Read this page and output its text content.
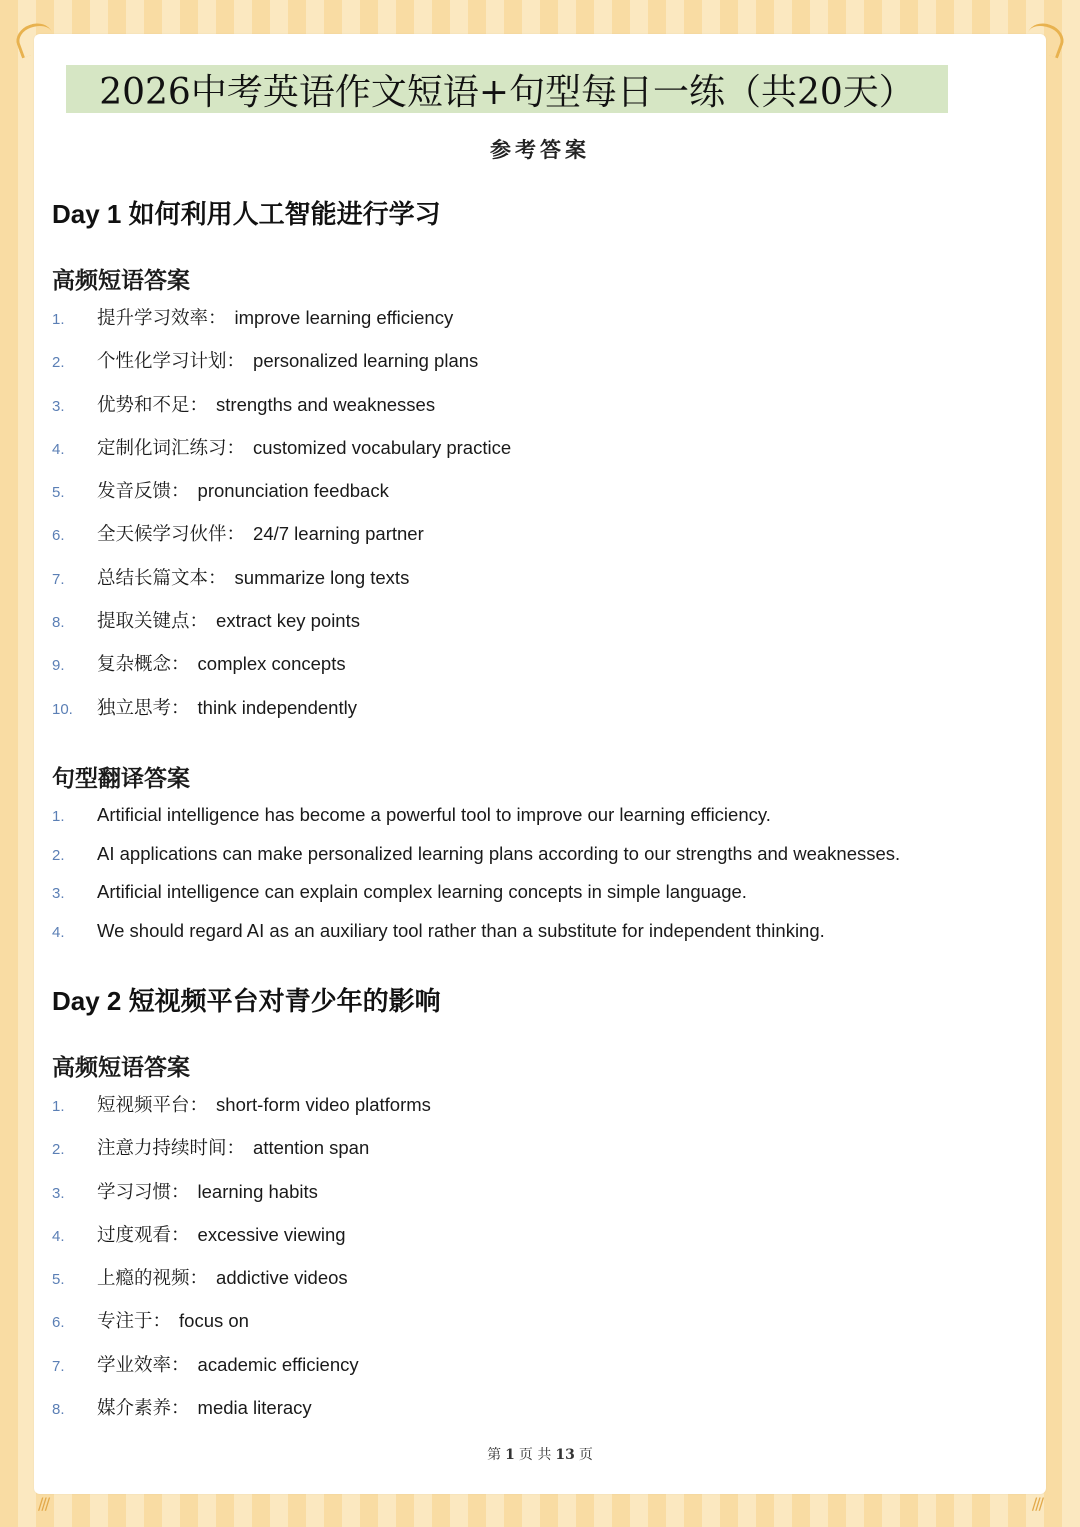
///	///
2026中考英语作文短语+句型每日一练（共20天）
参考答案
Day 1 如何利用人工智能进行学习
高频短语答案
1.	提升学习效率 ： improve learning efficiency
2.	个性化学习计划 ： personalized learning plans
3.	优势和不足 ： strengths and weaknesses
4.	定制化词汇练习 ： customized vocabulary practice
5.	发音反馈 ： pronunciation feedback
6.	全天候学习伙伴 ： 24/7 learning partner
7.	总结长篇文本 ： summarize long texts
8.	提取关键点 ： extract key points
9.	复杂概念 ： complex concepts
10.	独立思考 ： think independently
句型翻译答案
1.	Artificial intelligence has become a powerful tool to improve our learning efficiency.
2.	AI applications can make personalized learning plans according to our strengths and weaknesses.
3.	Artificial intelligence can explain complex learning concepts in simple language.
4.	We should regard AI as an auxiliary tool rather than a substitute for independent thinking.
Day 2 短视频平台对青少年的影响
高频短语答案
1.	短视频平台 ： short-form video platforms
2.	注意力持续时间 ： attention span
3.	学习习惯 ： learning habits
4.	过度观看 ： excessive viewing
5.	上瘾的视频 ： addictive videos
6.	专注于 ： focus on
7.	学业效率 ： academic efficiency
8.	媒介素养 ： media literacy
第 1 页 共 13 页
